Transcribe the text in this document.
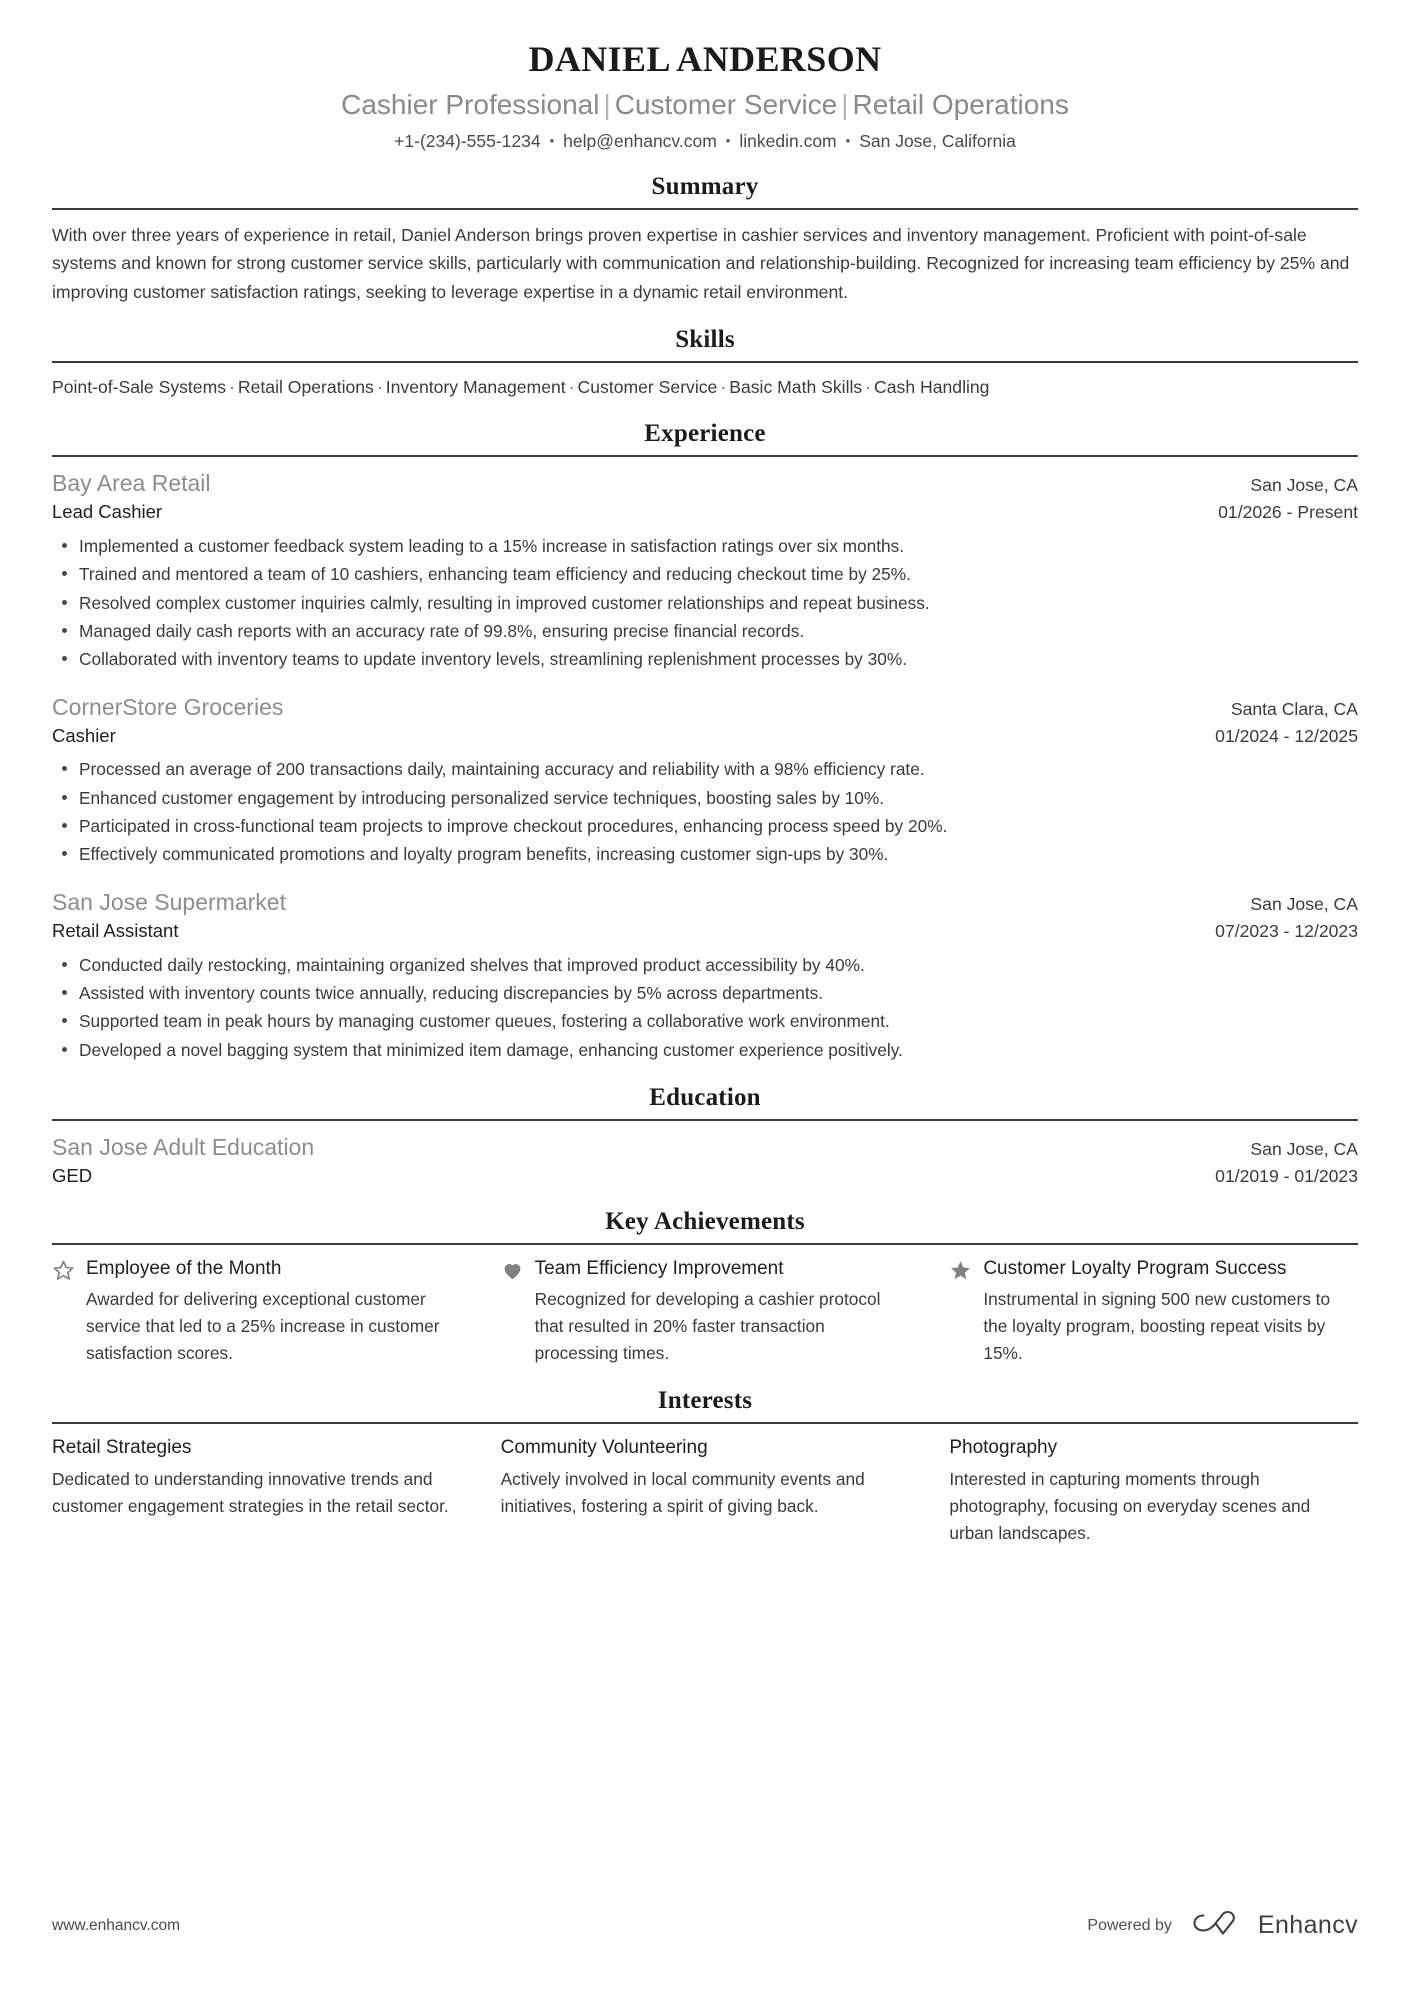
DANIEL ANDERSON
Cashier Professional | Customer Service | Retail Operations
+1-(234)-555-1234 • help@enhancv.com • linkedin.com • San Jose, California
Summary
With over three years of experience in retail, Daniel Anderson brings proven expertise in cashier services and inventory management. Proficient with point-of-sale systems and known for strong customer service skills, particularly with communication and relationship-building. Recognized for increasing team efficiency by 25% and improving customer satisfaction ratings, seeking to leverage expertise in a dynamic retail environment.
Skills
Point-of-Sale Systems · Retail Operations · Inventory Management · Customer Service · Basic Math Skills · Cash Handling
Experience
Bay Area Retail	San Jose, CA
Lead Cashier	01/2026 - Present
Implemented a customer feedback system leading to a 15% increase in satisfaction ratings over six months.
Trained and mentored a team of 10 cashiers, enhancing team efficiency and reducing checkout time by 25%.
Resolved complex customer inquiries calmly, resulting in improved customer relationships and repeat business.
Managed daily cash reports with an accuracy rate of 99.8%, ensuring precise financial records.
Collaborated with inventory teams to update inventory levels, streamlining replenishment processes by 30%.
CornerStore Groceries	Santa Clara, CA
Cashier	01/2024 - 12/2025
Processed an average of 200 transactions daily, maintaining accuracy and reliability with a 98% efficiency rate.
Enhanced customer engagement by introducing personalized service techniques, boosting sales by 10%.
Participated in cross-functional team projects to improve checkout procedures, enhancing process speed by 20%.
Effectively communicated promotions and loyalty program benefits, increasing customer sign-ups by 30%.
San Jose Supermarket	San Jose, CA
Retail Assistant	07/2023 - 12/2023
Conducted daily restocking, maintaining organized shelves that improved product accessibility by 40%.
Assisted with inventory counts twice annually, reducing discrepancies by 5% across departments.
Supported team in peak hours by managing customer queues, fostering a collaborative work environment.
Developed a novel bagging system that minimized item damage, enhancing customer experience positively.
Education
San Jose Adult Education	San Jose, CA
GED	01/2019 - 01/2023
Key Achievements
Employee of the Month
Awarded for delivering exceptional customer service that led to a 25% increase in customer satisfaction scores.
Team Efficiency Improvement
Recognized for developing a cashier protocol that resulted in 20% faster transaction processing times.
Customer Loyalty Program Success
Instrumental in signing 500 new customers to the loyalty program, boosting repeat visits by 15%.
Interests
Retail Strategies
Dedicated to understanding innovative trends and customer engagement strategies in the retail sector.
Community Volunteering
Actively involved in local community events and initiatives, fostering a spirit of giving back.
Photography
Interested in capturing moments through photography, focusing on everyday scenes and urban landscapes.
www.enhancv.com	Powered by	Enhancv
